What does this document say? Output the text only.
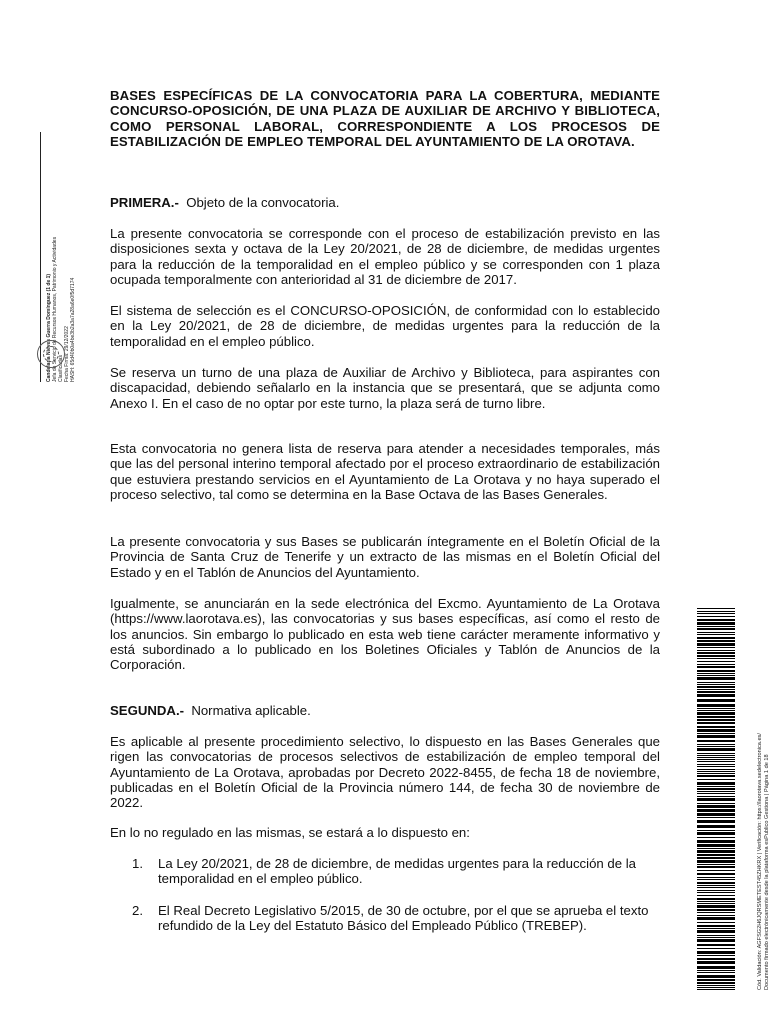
BASES ESPECÍFICAS DE LA CONVOCATORIA PARA LA COBERTURA, MEDIANTE CONCURSO-OPOSICIÓN, DE UNA PLAZA DE AUXILIAR DE ARCHIVO Y BIBLIOTECA, COMO PERSONAL LABORAL, CORRESPONDIENTE A LOS PROCESOS DE ESTABILIZACIÓN DE EMPLEO TEMPORAL DEL AYUNTAMIENTO DE LA OROTAVA.
PRIMERA.- Objeto de la convocatoria.

La presente convocatoria se corresponde con el proceso de estabilización previsto en las disposiciones sexta y octava de la Ley 20/2021, de 28 de diciembre, de medidas urgentes para la reducción de la temporalidad en el empleo público y se corresponden con 1 plaza ocupada temporalmente con anterioridad al 31 de diciembre de 2017.

El sistema de selección es el CONCURSO-OPOSICIÓN, de conformidad con lo establecido en la Ley 20/2021, de 28 de diciembre, de medidas urgentes para la reducción de la temporalidad en el empleo público.

Se reserva un turno de una plaza de Auxiliar de Archivo y Biblioteca, para aspirantes con discapacidad, debiendo señalarlo en la instancia que se presentará, que se adjunta como Anexo I. En el caso de no optar por este turno, la plaza será de turno libre.

Esta convocatoria no genera lista de reserva para atender a necesidades temporales, más que las del personal interino temporal afectado por el proceso extraordinario de estabilización que estuviera prestando servicios en el Ayuntamiento de La Orotava y no haya superado el proceso selectivo, tal como se determina en la Base Octava de las Bases Generales.

La presente convocatoria y sus Bases se publicarán íntegramente en el Boletín Oficial de la Provincia de Santa Cruz de Tenerife y un extracto de las mismas en el Boletín Oficial del Estado y en el Tablón de Anuncios del Ayuntamiento.

Igualmente, se anunciarán en la sede electrónica del Excmo. Ayuntamiento de La Orotava (https://www.laorotava.es), las convocatorias y sus bases específicas, así como el resto de los anuncios. Sin embargo lo publicado en esta web tiene carácter meramente informativo y está subordinado a lo publicado en los Boletines Oficiales y Tablón de Anuncios de la Corporación.

SEGUNDA.- Normativa aplicable.

Es aplicable al presente procedimiento selectivo, lo dispuesto en las Bases Generales que rigen las convocatorias de procesos selectivos de estabilización de empleo temporal del Ayuntamiento de La Orotava, aprobadas por Decreto 2022-8455, de fecha 18 de noviembre, publicadas en el Boletín Oficial de la Provincia número 144, de fecha 30 de noviembre de 2022.

En lo no regulado en las mismas, se estará a lo dispuesto en:

1. La Ley 20/2021, de 28 de diciembre, de medidas urgentes para la reducción de la temporalidad en el empleo público.
2. El Real Decreto Legislativo 5/2015, de 30 de octubre, por el que se aprueba el texto refundido de la Ley del Estatuto Básico del Empleado Público (TREBEP).
Candelaria Nieves Guerra Domínguez (1 de 1) Jefa de Servicio de Recursos Humanos, Patrimonio y Actividades Clasificadas Fecha Firma: 29/12/2022 HASH: 65d40b0a4be3b2a3a7a28a6e0f5d7174
Cód. Validación: AGFSG2H6JQRSMETEST45ZHKRX | Verificación: https://laorotava.sedelectronica.es/ Documento firmado electrónicamente desde la plataforma esPublico Gestiona | Página 1 de 18
